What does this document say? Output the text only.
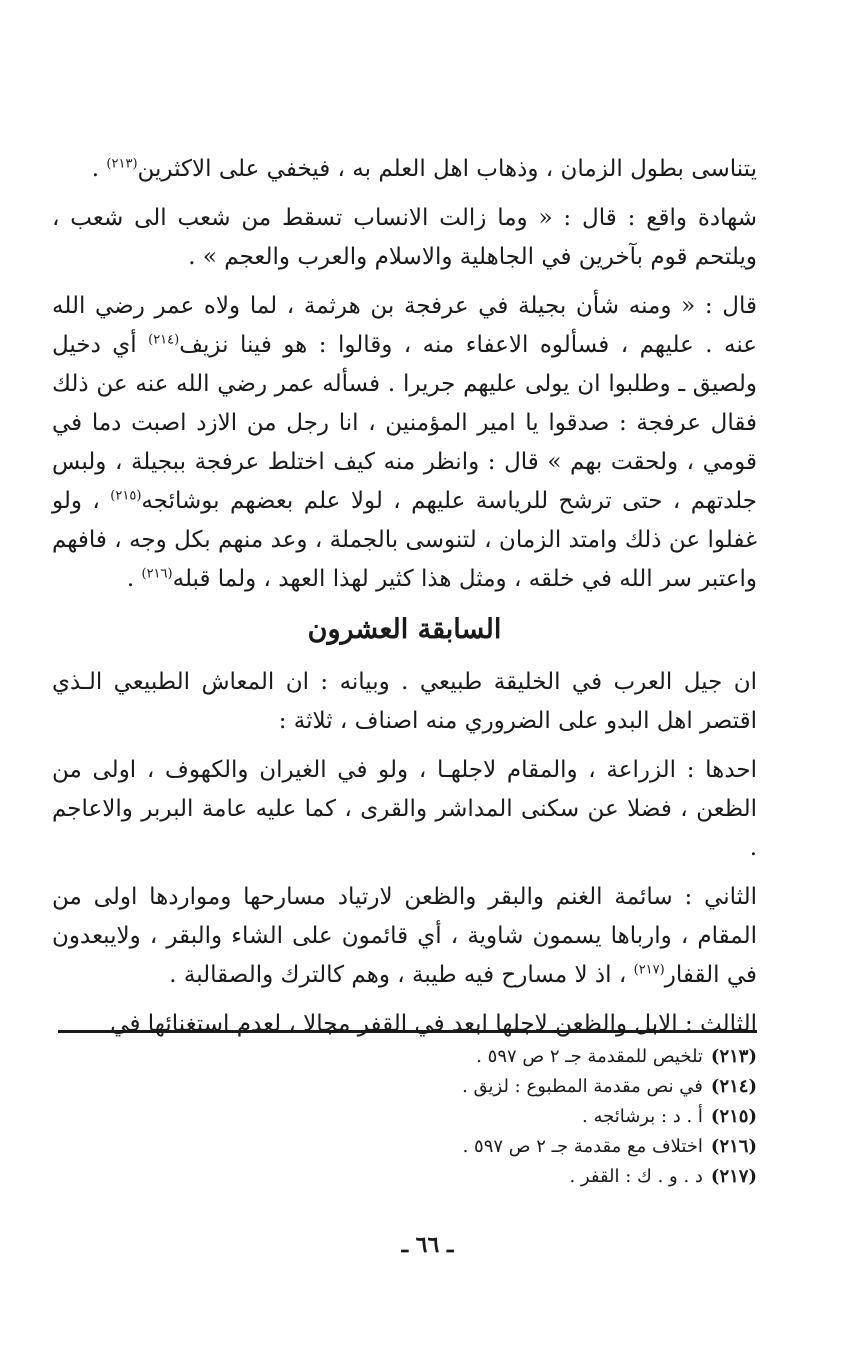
يتناسى بطول الزمان ، وذهاب اهل العلم به ، فيخفي على الاكثرين$^{(٢١٣)}$ .

شهادة واقع : قال : « وما زالت الانساب تسقط من شعب الى شعب ، ويلتحم قوم بآخرين في الجاهلية والاسلام والعرب والعجم » .

قال : « ومنه شأن بجيلة في عرفجة بن هرثمة ، لما ولاه عمر رضي الله عنه . عليهم ، فسألوه الاعفاء منه ، وقالوا : هو فينا نزيف$^{(٢١٤)}$ أي دخيل ولصيق ـ وطلبوا ان يولى عليهم جريرا . فسأله عمر رضي الله عنه عن ذلك فقال عرفجة : صدقوا يا امير المؤمنين ، انا رجل من الازد اصبت دما في قومي ، ولحقت بهم » قال : وانظر منه كيف اختلط عرفجة ببجيلة ، ولبس جلدتهم ، حتى ترشح للرياسة عليهم ، لولا علم بعضهم بوشائجه$^{(٢١٥)}$ ، ولو غفلوا عن ذلك وامتد الزمان ، لتنوسى بالجملة ، وعد منهم بكل وجه ، فافهم واعتبر سر الله في خلقه ، ومثل هذا كثير لهذا العهد ، ولما قبله$^{(٢١٦)}$ .

السابقة العشرون

ان جيل العرب في الخليقة طبيعي . وبيانه : ان المعاش الطبيعي الـذي اقتصر اهل البدو على الضروري منه اصناف ، ثلاثة :

احدها : الزراعة ، والمقام لاجلهـا ، ولو في الغيران والكهوف ، اولى من الظعن ، فضلا عن سكنى المداشر والقرى ، كما عليه عامة البربر والاعاجم .

الثاني : سائمة الغنم والبقر والظعن لارتياد مسارحها ومواردها اولى من المقام ، وارباها يسمون شاوية ، أي قائمون على الشاء والبقر ، ولايبعدون في القفار$^{(٢١٧)}$ ، اذ لا مسارح فيه طيبة ، وهم كالترك والصقالبة .

الثالث : الابل والظعن لاجلها ابعد في القفر مجالا ، لعدم استغنائها في

(٢١٣)تلخيص للمقدمة جـ ٢ ص ٥٩٧ .
(٢١٤)في نص مقدمة المطبوع : لزيق .
(٢١٥)أ . د : برشائجه .
(٢١٦)اختلاف مع مقدمة جـ ٢ ص ٥٩٧ .
(٢١٧)د . و . ك : القفر .
ـ ٦٦ ـ
